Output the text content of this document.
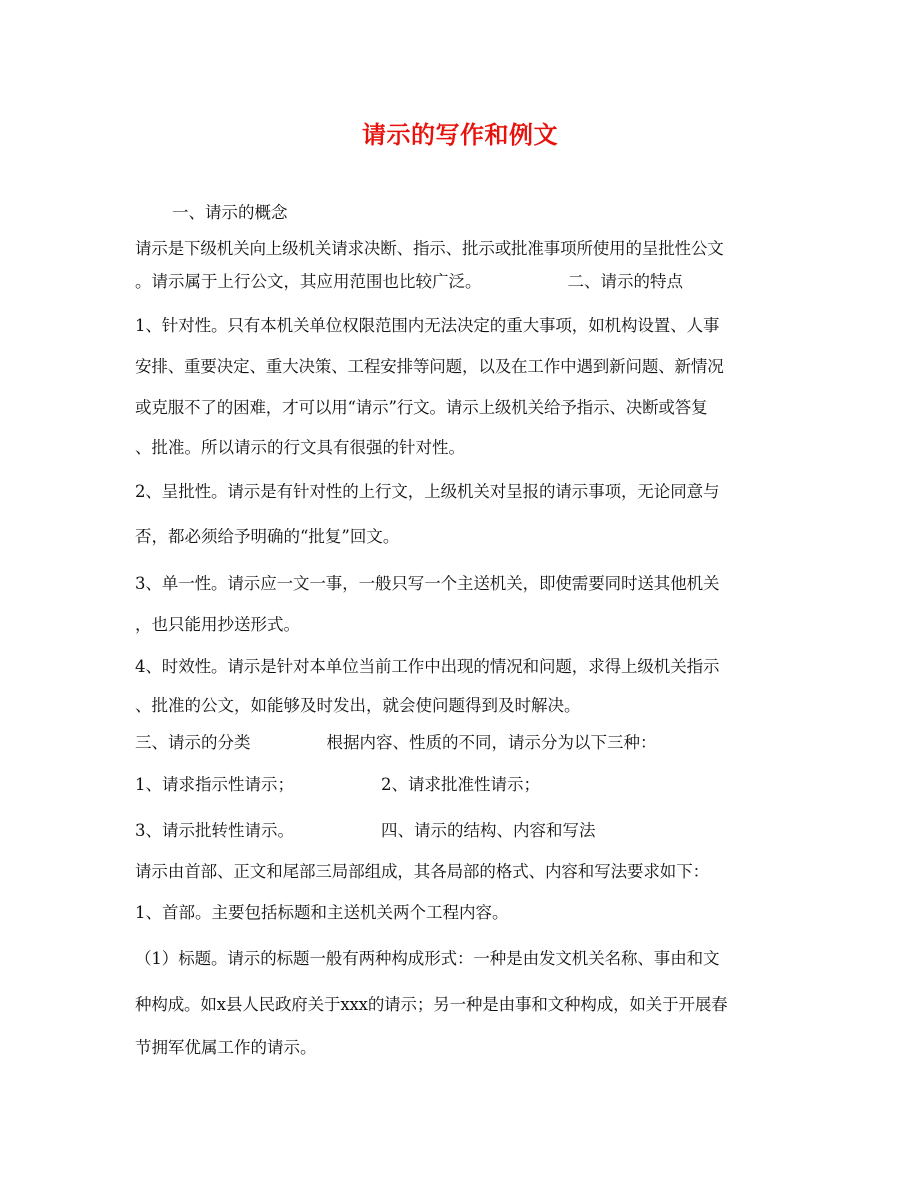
请示的写作和例文
一、请示的概念
请示是下级机关向上级机关请求决断、指示、批示或批准事项所使用的呈批性公文
。请示属于上行公文，其应用范围也比较广泛。	二、请示的特点
1、针对性。只有本机关单位权限范围内无法决定的重大事项，如机构设置、人事
安排、重要决定、重大决策、工程安排等问题，以及在工作中遇到新问题、新情况
或克服不了的困难，才可以用“请示”行文。请示上级机关给予指示、决断或答复
、批准。所以请示的行文具有很强的针对性。
2、呈批性。请示是有针对性的上行文，上级机关对呈报的请示事项，无论同意与
否，都必须给予明确的“批复”回文。
3、单一性。请示应一文一事，一般只写一个主送机关，即使需要同时送其他机关
，也只能用抄送形式。
4、时效性。请示是针对本单位当前工作中出现的情况和问题，求得上级机关指示
、批准的公文，如能够及时发出，就会使问题得到及时解决。
三、请示的分类	根据内容、性质的不同，请示分为以下三种：
1、请求指示性请示；	2、请求批准性请示；
3、请示批转性请示。	四、请示的结构、内容和写法
请示由首部、正文和尾部三局部组成，其各局部的格式、内容和写法要求如下：
1、首部。主要包括标题和主送机关两个工程内容。
（1）标题。请示的标题一般有两种构成形式：一种是由发文机关名称、事由和文
种构成。如x县人民政府关于xxx的请示；另一种是由事和文种构成，如关于开展春
节拥军优属工作的请示。
